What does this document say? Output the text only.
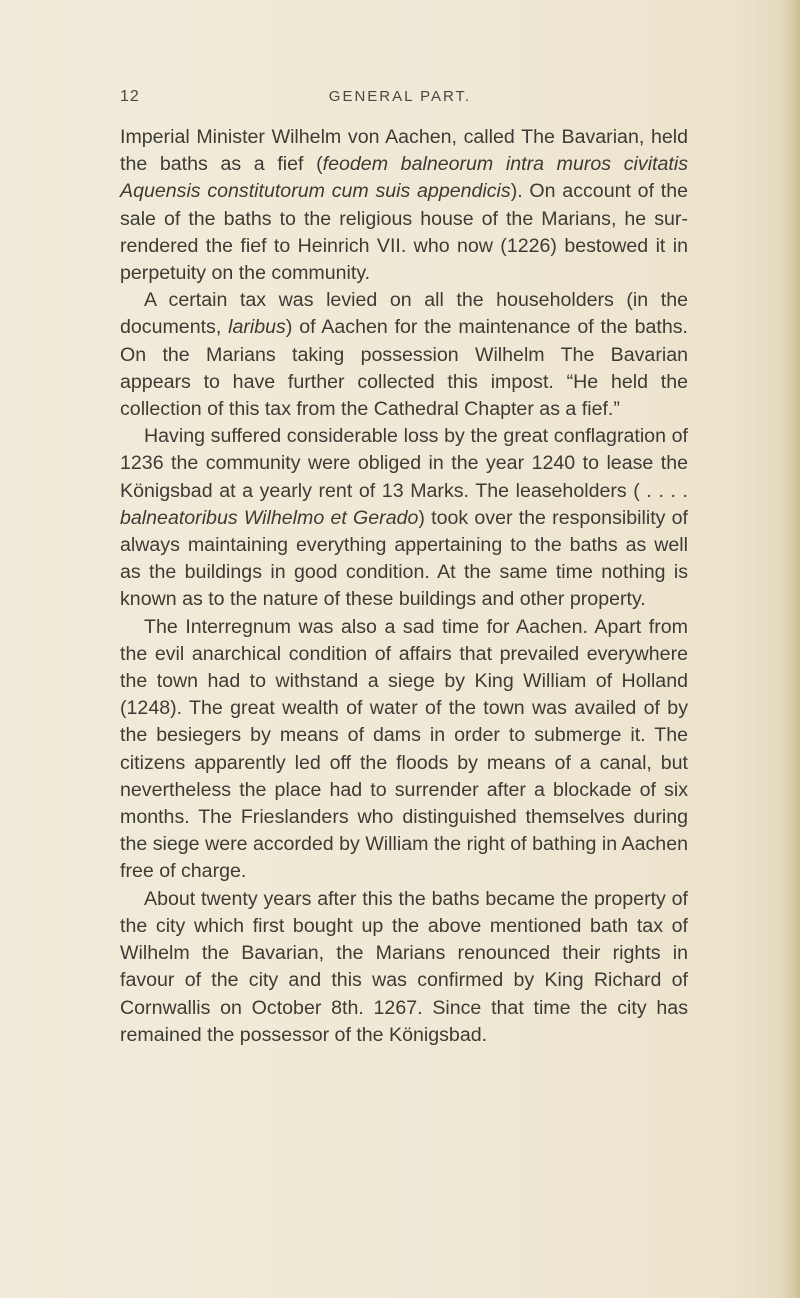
12	GENERAL PART.

Imperial Minister Wilhelm von Aachen, called The Bavarian, held the baths as a fief (feodem balneorum intra muros civitatis Aquensis constitutorum cum suis appendicis). On account of the sale of the baths to the religious house of the Marians, he surrendered the fief to Heinrich VII. who now (1226) bestowed it in perpetuity on the community.

A certain tax was levied on all the householders (in the documents, laribus) of Aachen for the maintenance of the baths. On the Marians taking possession Wilhelm The Bavarian appears to have further collected this impost. “He held the collection of this tax from the Cathedral Chapter as a fief.”

Having suffered considerable loss by the great conflagration of 1236 the community were obliged in the year 1240 to lease the Königsbad at a yearly rent of 13 Marks. The leaseholders ( . . . . balneatoribus Wilhelmo et Gerado) took over the responsibility of always maintaining everything appertaining to the baths as well as the buildings in good condition. At the same time nothing is known as to the nature of these buildings and other property.

The Interregnum was also a sad time for Aachen. Apart from the evil anarchical condition of affairs that prevailed everywhere the town had to withstand a siege by King William of Holland (1248). The great wealth of water of the town was availed of by the besiegers by means of dams in order to submerge it. The citizens apparently led off the floods by means of a canal, but nevertheless the place had to surrender after a blockade of six months. The Frieslanders who distinguished themselves during the siege were accorded by William the right of bathing in Aachen free of charge.

About twenty years after this the baths became the property of the city which first bought up the above mentioned bath tax of Wilhelm the Bavarian, the Marians renounced their rights in favour of the city and this was confirmed by King Richard of Cornwallis on October 8th. 1267. Since that time the city has remained the possessor of the Königsbad.
